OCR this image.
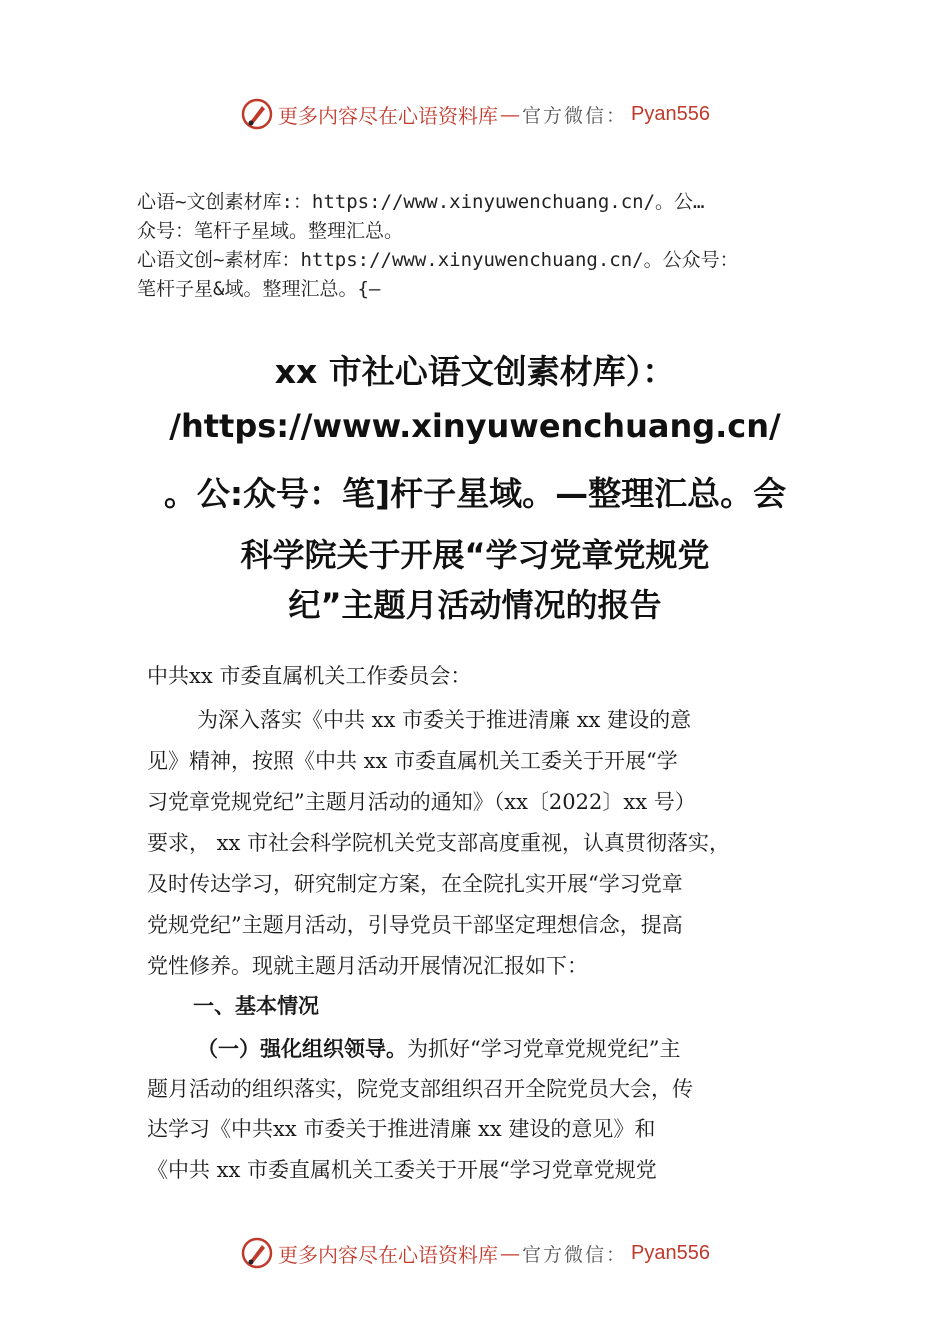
更多内容尽在心语资料库 — 官方微信： Pyan556
心语~文创素材库:：https://www.xinyuwenchuang.cn/。公…
众号：笔杆子星域。整理汇总。
心语文创~素材库：https://www.xinyuwenchuang.cn/。公众号：
笔杆子星&域。整理汇总。{—
xx 市社心语文创素材库）：
/https://www.xinyuwenchuang.cn/
。公:众号：笔]杆子星域。—整理汇总。会
科学院关于开展“学习党章党规党
纪”主题月活动情况的报告
中共xx 市委直属机关工作委员会：
为深入落实《中共 xx 市委关于推进清廉 xx 建设的意
见》精神，按照《中共 xx 市委直属机关工委关于开展“学
习党章党规党纪”主题月活动的通知》（xx〔2022〕xx 号）
要求， xx 市社会科学院机关党支部高度重视，认真贯彻落实，
及时传达学习，研究制定方案，在全院扎实开展“学习党章
党规党纪”主题月活动，引导党员干部坚定理想信念，提高
党性修养。现就主题月活动开展情况汇报如下：
一、基本情况
（一）强化组织领导。为抓好“学习党章党规党纪”主
题月活动的组织落实，院党支部组织召开全院党员大会，传
达学习《中共xx 市委关于推进清廉 xx 建设的意见》和
《中共 xx 市委直属机关工委关于开展“学习党章党规党
更多内容尽在心语资料库 — 官方微信： Pyan556
